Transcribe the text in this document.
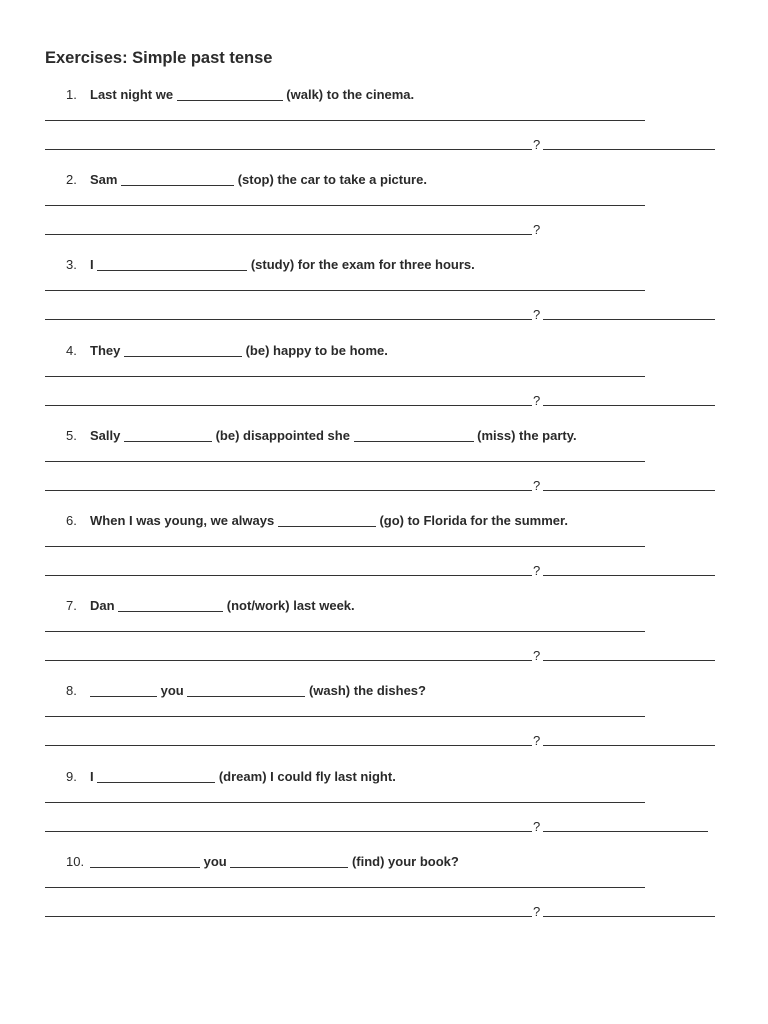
Exercises: Simple past tense
1. Last night we	(walk) to the cinema.
?
2. Sam	(stop) the car to take a picture.
?
3. I	(study) for the exam for three hours.
?
4. They	(be) happy to be home.
?
5. Sally	(be) disappointed she	(miss) the party.
?
6. When I was young, we always	(go) to Florida for the summer.
?
7. Dan	(not/work) last week.
?
8.	you	(wash) the dishes?
?
9. I	(dream) I could fly last night.
?
10.	you	(find) your book?
?
